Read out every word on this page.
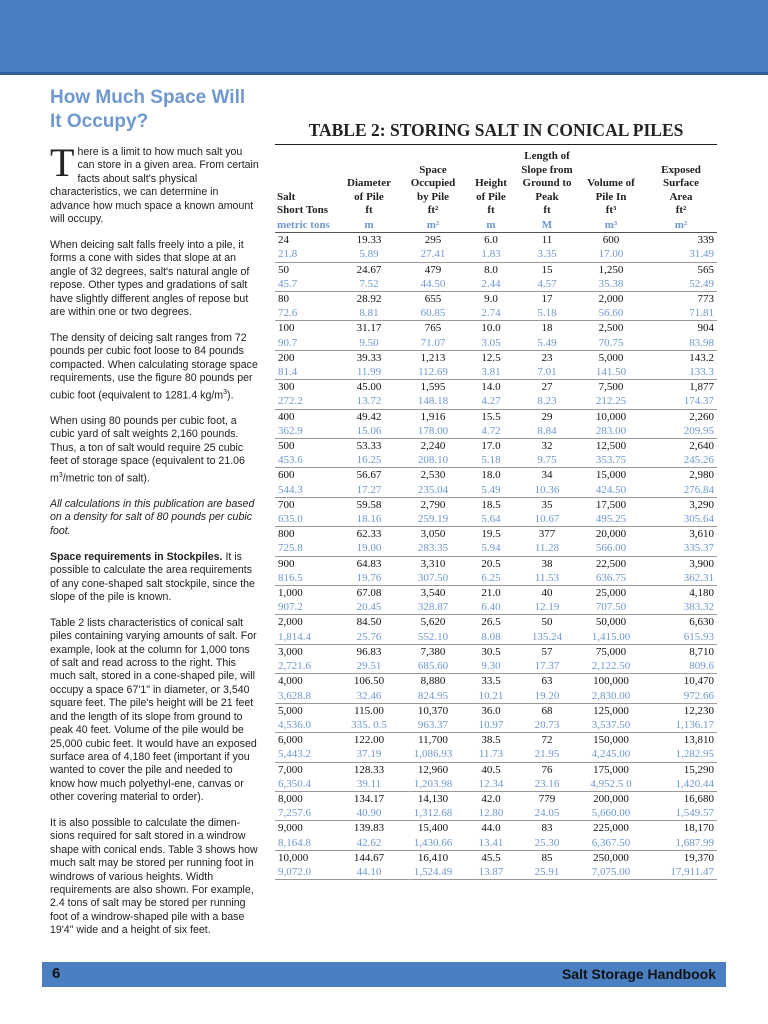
How Much Space Will It Occupy?

There is a limit to how much salt you can store in a given area. From certain facts about salt's physical characteristics, we can determine in advance how much space a known amount will occupy.

When deicing salt falls freely into a pile, it forms a cone with sides that slope at an angle of 32 degrees, salt's natural angle of repose. Other types and gradations of salt have slightly different angles of repose but are within one or two degrees.

The density of deicing salt ranges from 72 pounds per cubic foot loose to 84 pounds compacted. When calculating storage space requirements, use the figure 80 pounds per cubic foot (equivalent to 1281.4 $kg/m^3$).

When using 80 pounds per cubic foot, a cubic yard of salt weights 2,160 pounds. Thus, a ton of salt would require 25 cubic feet of storage space (equivalent to 21.06 $m^3$/metric ton of salt).

All calculations in this publication are based on a density for salt of 80 pounds per cubic foot.

Space requirements in Stockpiles. It is possible to calculate the area requirements of any cone-shaped salt stockpile, since the slope of the pile is known.

Table 2 lists characteristics of conical salt piles containing varying amounts of salt. For example, look at the column for 1,000 tons of salt and read across to the right. This much salt, stored in a cone-shaped pile, will occupy a space 67'1" in diameter, or 3,540 square feet. The pile's height will be 21 feet and the length of its slope from ground to peak 40 feet. Volume of the pile would be 25,000 cubic feet. It would have an exposed surface area of 4,180 feet (important if you wanted to cover the pile and needed to know how much polyethyl-ene, canvas or other covering material to order).

It is also possible to calculate the dimen-sions required for salt stored in a windrow shape with conical ends. Table 3 shows how much salt may be stored per running foot in windrows of various heights. Width requirements are also shown. For example, 2.4 tons of salt may be stored per running foot of a windrow-shaped pile with a base 19'4" wide and a height of six feet.

TABLE 2: STORING SALT IN CONICAL PILES
Salt
Short Tons	Diameter
of Pile
ft	Space
Occupied
by Pile
ft²	Height
of Pile
ft	Length of
Slope from
Ground to
Peak
ft	Volume of
Pile In
ft³	Exposed
Surface
Area
ft²
metric tons	m	m²	m	M	m³	m²
24	19.33	295	6.0	11	600	339
21.8	5.89	27.41	1.83	3.35	17.00	31.49
50	24.67	479	8.0	15	1,250	565
45.7	7.52	44.50	2.44	4.57	35.38	52.49
80	28.92	655	9.0	17	2,000	773
72.6	8.81	60.85	2.74	5.18	56.60	71.81
100	31.17	765	10.0	18	2,500	904
90.7	9.50	71.07	3.05	5.49	70.75	83.98
200	39.33	1,213	12.5	23	5,000	143.2
81.4	11.99	112.69	3.81	7.01	141.50	133.3
300	45.00	1,595	14.0	27	7,500	1,877
272.2	13.72	148.18	4.27	8.23	212.25	174.37
400	49.42	1,916	15.5	29	10,000	2,260
362.9	15.06	178.00	4.72	8.84	283.00	209.95
500	53.33	2,240	17.0	32	12,500	2,640
453.6	16.25	208.10	5.18	9.75	353.75	245.26
600	56.67	2,530	18.0	34	15,000	2,980
544.3	17.27	235.04	5.49	10.36	424.50	276.84
700	59.58	2,790	18.5	35	17,500	3,290
635.0	18.16	259.19	5.64	10.67	495.25	305.64
800	62.33	3,050	19.5	377	20,000	3,610
725.8	19.00	283.35	5.94	11.28	566.00	335.37
900	64.83	3,310	20.5	38	22,500	3,900
816.5	19.76	307.50	6.25	11.53	636.75	362.31
1,000	67.08	3,540	21.0	40	25,000	4,180
907.2	20.45	328.87	6.40	12.19	707.50	383.32
2,000	84.50	5,620	26.5	50	50,000	6,630
1,814.4	25.76	552.10	8.08	135.24	1,415.00	615.93
3,000	96.83	7,380	30.5	57	75,000	8,710
2,721.6	29.51	685.60	9.30	17.37	2,122.50	809.6
4,000	106.50	8,880	33.5	63	100,000	10,470
3,628.8	32.46	824.95	10.21	19.20	2,830.00	972.66
5,000	115.00	10,370	36.0	68	125,000	12,230
4,536.0	335. 0.5	963.37	10.97	20.73	3,537.50	1,136.17
6,000	122.00	11,700	38.5	72	150,000	13,810
5,443.2	37.19	1,086.93	11.73	21.95	4,245.00	1,282.95
7,000	128.33	12,960	40.5	76	175,000	15,290
6,350.4	39.11	1,203.98	12.34	23.16	4,952.5 0	1,420.44
8,000	134.17	14,130	42.0	779	200,000	16,680
7,257.6	40.90	1,312.68	12.80	24.05	5,660.00	1,549.57
9,000	139.83	15,400	44.0	83	225,000	18,170
8,164.8	42.62	1,430.66	13.41	25.30	6,367.50	1,687.99
10,000	144.67	16,410	45.5	85	250,000	19,370
9,072.0	44.10	1,524.49	13.87	25.91	7,075.00	17,911.47
6	Salt Storage Handbook
